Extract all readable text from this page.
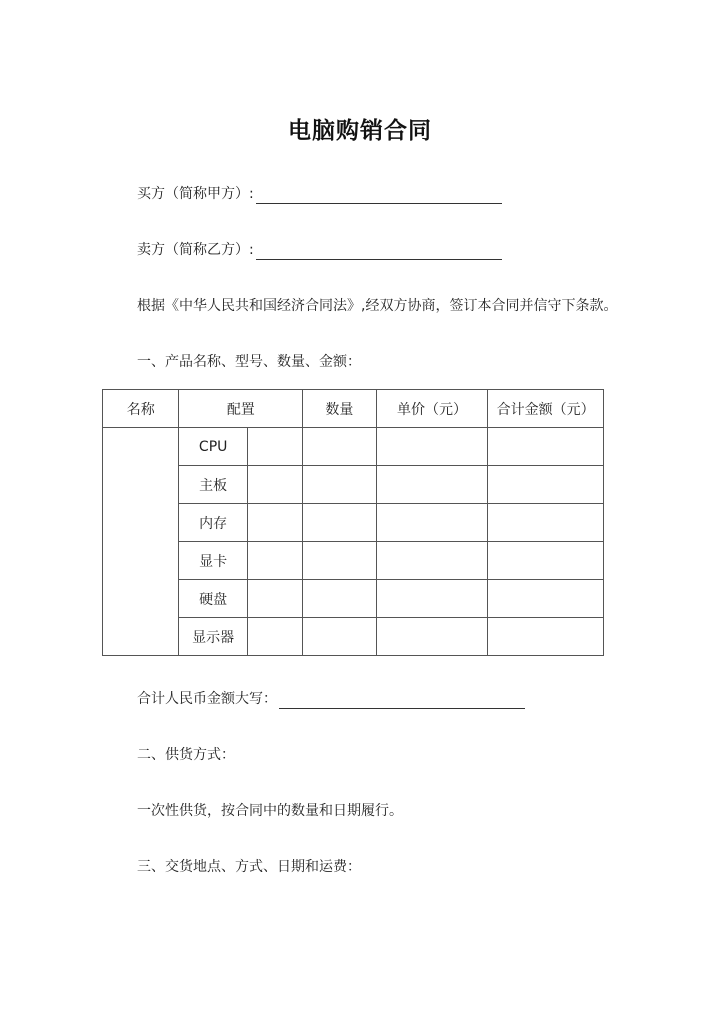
电脑购销合同
买方（简称甲方）:
卖方（简称乙方）:
根据《中华人民共和国经济合同法》,经双方协商，签订本合同并信守下条款。
一、产品名称、型号、数量、金额：
名称	配置		数量	单价（元）	合计金额（元）
	CPU				
	主板				
	内存				
	显卡				
	硬盘				
	显示器				
合计人民币金额大写：
二、供货方式：
一次性供货，按合同中的数量和日期履行。
三、交货地点、方式、日期和运费：
